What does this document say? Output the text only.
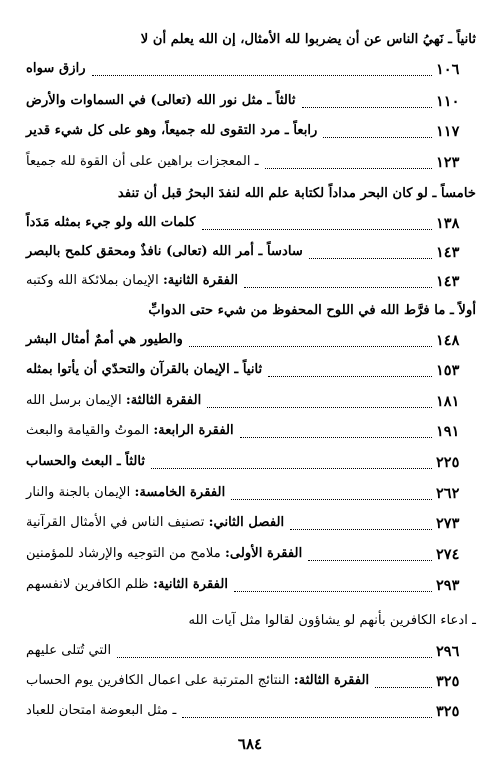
ثانياً ـ نَهيُ الناس عن أن يضربوا لله الأمثال، إن الله يعلم أن لا
رازق سواه	١٠٦
ثالثاً ـ مثل نور الله (تعالى) في السماوات والأرض	١١٠
رابعاً ـ مرد التقوى لله جميعاً، وهو على كل شيء قدير	١١٧
ـ المعجزات براهين على أن القوة لله جميعاً	١٢٣
خامساً ـ لو كان البحر مداداً لكتابة علم الله لنفدَ البحرُ قبل أن تنفد
كلمات الله ولو جيء بمثله مَدَداً	١٣٨
سادساً ـ أمر الله (تعالى) نافذٌ ومحقق كلمح بالبصر	١٤٣
الفقرة الثانية: الإيمان بملائكة الله وكتبه	١٤٣
أولاً ـ ما فرَّط الله في اللوح المحفوظ من شيء حتى الدوابِّ
والطيور هي أممٌ أمثال البشر	١٤٨
ثانياً ـ الإيمان بالقرآن والتحدّي أن يأتوا بمثله	١٥٣
الفقرة الثالثة: الإيمان برسل الله	١٨١
الفقرة الرابعة: الموتُ والقيامة والبعث	١٩١
ثالثاً ـ البعث والحساب	٢٢٥
الفقرة الخامسة: الإيمان بالجنة والنار	٢٦٢
الفصل الثاني: تصنيف الناس في الأمثال القرآنية	٢٧٣
الفقرة الأولى: ملامح من التوجيه والإرشاد للمؤمنين	٢٧٤
الفقرة الثانية: ظلم الكافرين لانفسهم	٢٩٣
ـ ادعاء الكافرين بأنهم لو يشاؤون لقالوا مثل آيات الله
التي تُتلى عليهم	٢٩٦
الفقرة الثالثة: النتائج المترتبة على اعمال الكافرين يوم الحساب	٣٢٥
ـ مثل البعوضة امتحان للعباد	٣٢٥
٦٨٤
